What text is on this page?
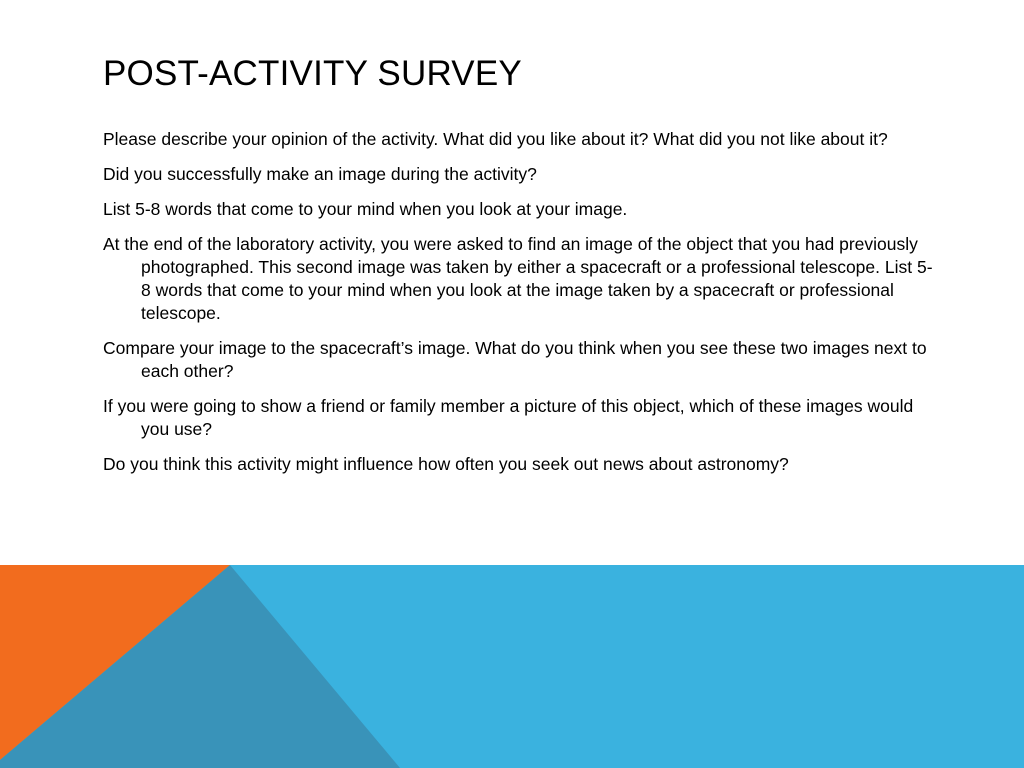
POST-ACTIVITY SURVEY
Please describe your opinion of the activity. What did you like about it? What did you not like about it?
Did you successfully make an image during the activity?
List 5-8 words that come to your mind when you look at your image.
At the end of the laboratory activity, you were asked to find an image of the object that you had previously photographed. This second image was taken by either a spacecraft or a professional telescope. List 5-8 words that come to your mind when you look at the image taken by a spacecraft or professional telescope.
Compare your image to the spacecraft’s image. What do you think when you see these two images next to each other?
If you were going to show a friend or family member a picture of this object, which of these images would you use?
Do you think this activity might influence how often you seek out news about astronomy?
